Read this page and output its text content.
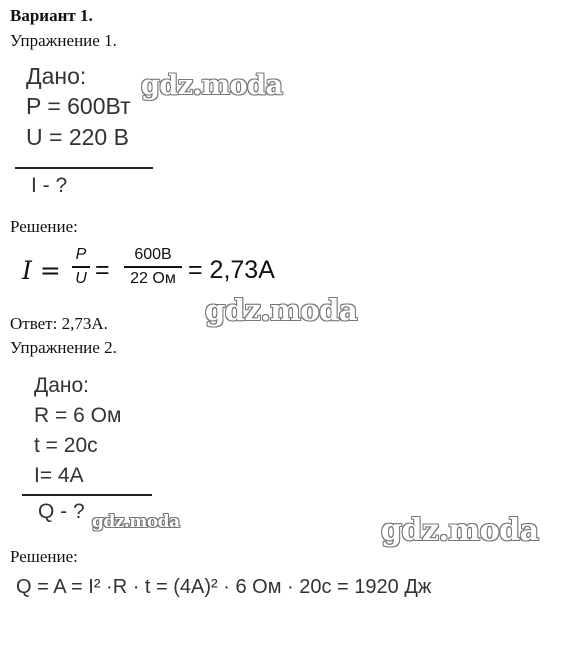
Вариант 1.
Упражнение 1.
Дано:
P = 600Вт
U = 220 В
I - ?
gdz.moda
Решение:
I =
P
U =
600В
22 Ом = 2,73А
gdz.moda
Ответ: 2,73А.
Упражнение 2.
Дано:
R = 6 Ом
t = 20с
I= 4А
Q - ? gdz.moda	gdz.moda
Решение:
Q = A = I² ·R · t = (4A)² · 6 Ом · 20с = 1920 Дж
